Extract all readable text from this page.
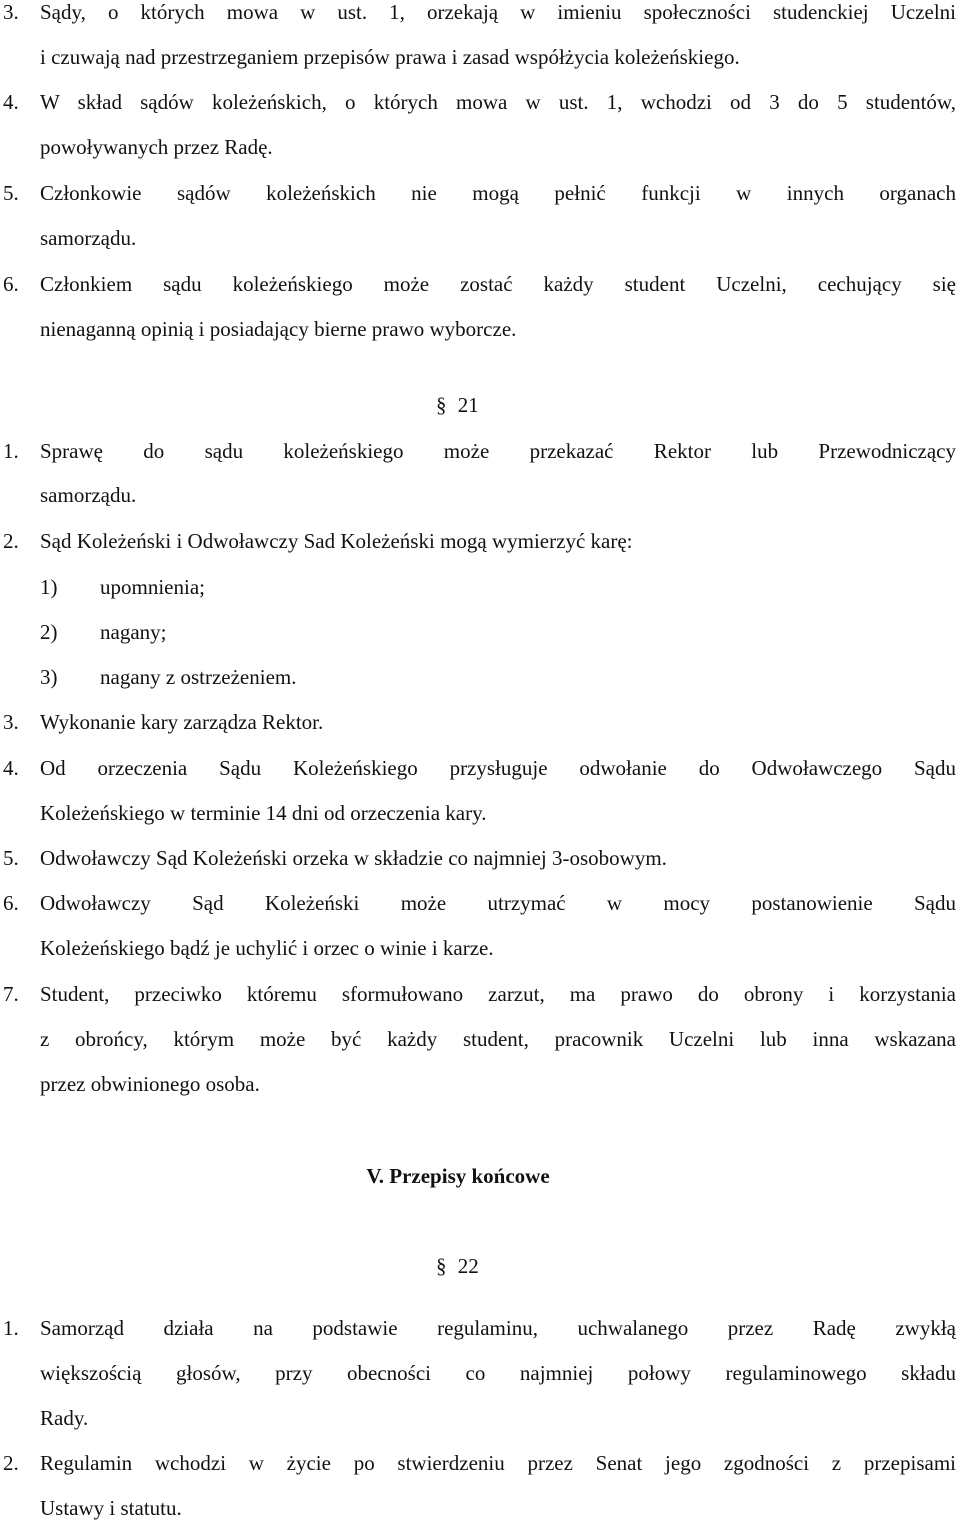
3. Sądy, o których mowa w ust. 1, orzekają w imieniu społeczności studenckiej Uczelni
i czuwają nad przestrzeganiem przepisów prawa i zasad współżycia koleżeńskiego.
4. W skład sądów koleżeńskich, o których mowa w ust. 1, wchodzi od 3 do 5 studentów,
powoływanych przez Radę.
5. Członkowie sądów koleżeńskich nie mogą pełnić funkcji w innych organach
samorządu.
6. Członkiem sądu koleżeńskiego może zostać każdy student Uczelni, cechujący się
nienaganną opinią i posiadający bierne prawo wyborcze.
§ 21
1. Sprawę do sądu koleżeńskiego może przekazać Rektor lub Przewodniczący
samorządu.
2. Sąd Koleżeński i Odwoławczy Sad Koleżeński mogą wymierzyć karę:
1) upomnienia;
2) nagany;
3) nagany z ostrzeżeniem.
3. Wykonanie kary zarządza Rektor.
4. Od orzeczenia Sądu Koleżeńskiego przysługuje odwołanie do Odwoławczego Sądu
Koleżeńskiego w terminie 14 dni od orzeczenia kary.
5. Odwoławczy Sąd Koleżeński orzeka w składzie co najmniej 3-osobowym.
6. Odwoławczy Sąd Koleżeński może utrzymać w mocy postanowienie Sądu
Koleżeńskiego bądź je uchylić i orzec o winie i karze.
7. Student, przeciwko któremu sformułowano zarzut, ma prawo do obrony i korzystania
z obrońcy, którym może być każdy student, pracownik Uczelni lub inna wskazana
przez obwinionego osoba.
V. Przepisy końcowe
§ 22
1. Samorząd działa na podstawie regulaminu, uchwalanego przez Radę zwykłą
większością głosów, przy obecności co najmniej połowy regulaminowego składu
Rady.
2. Regulamin wchodzi w życie po stwierdzeniu przez Senat jego zgodności z przepisami
Ustawy i statutu.
